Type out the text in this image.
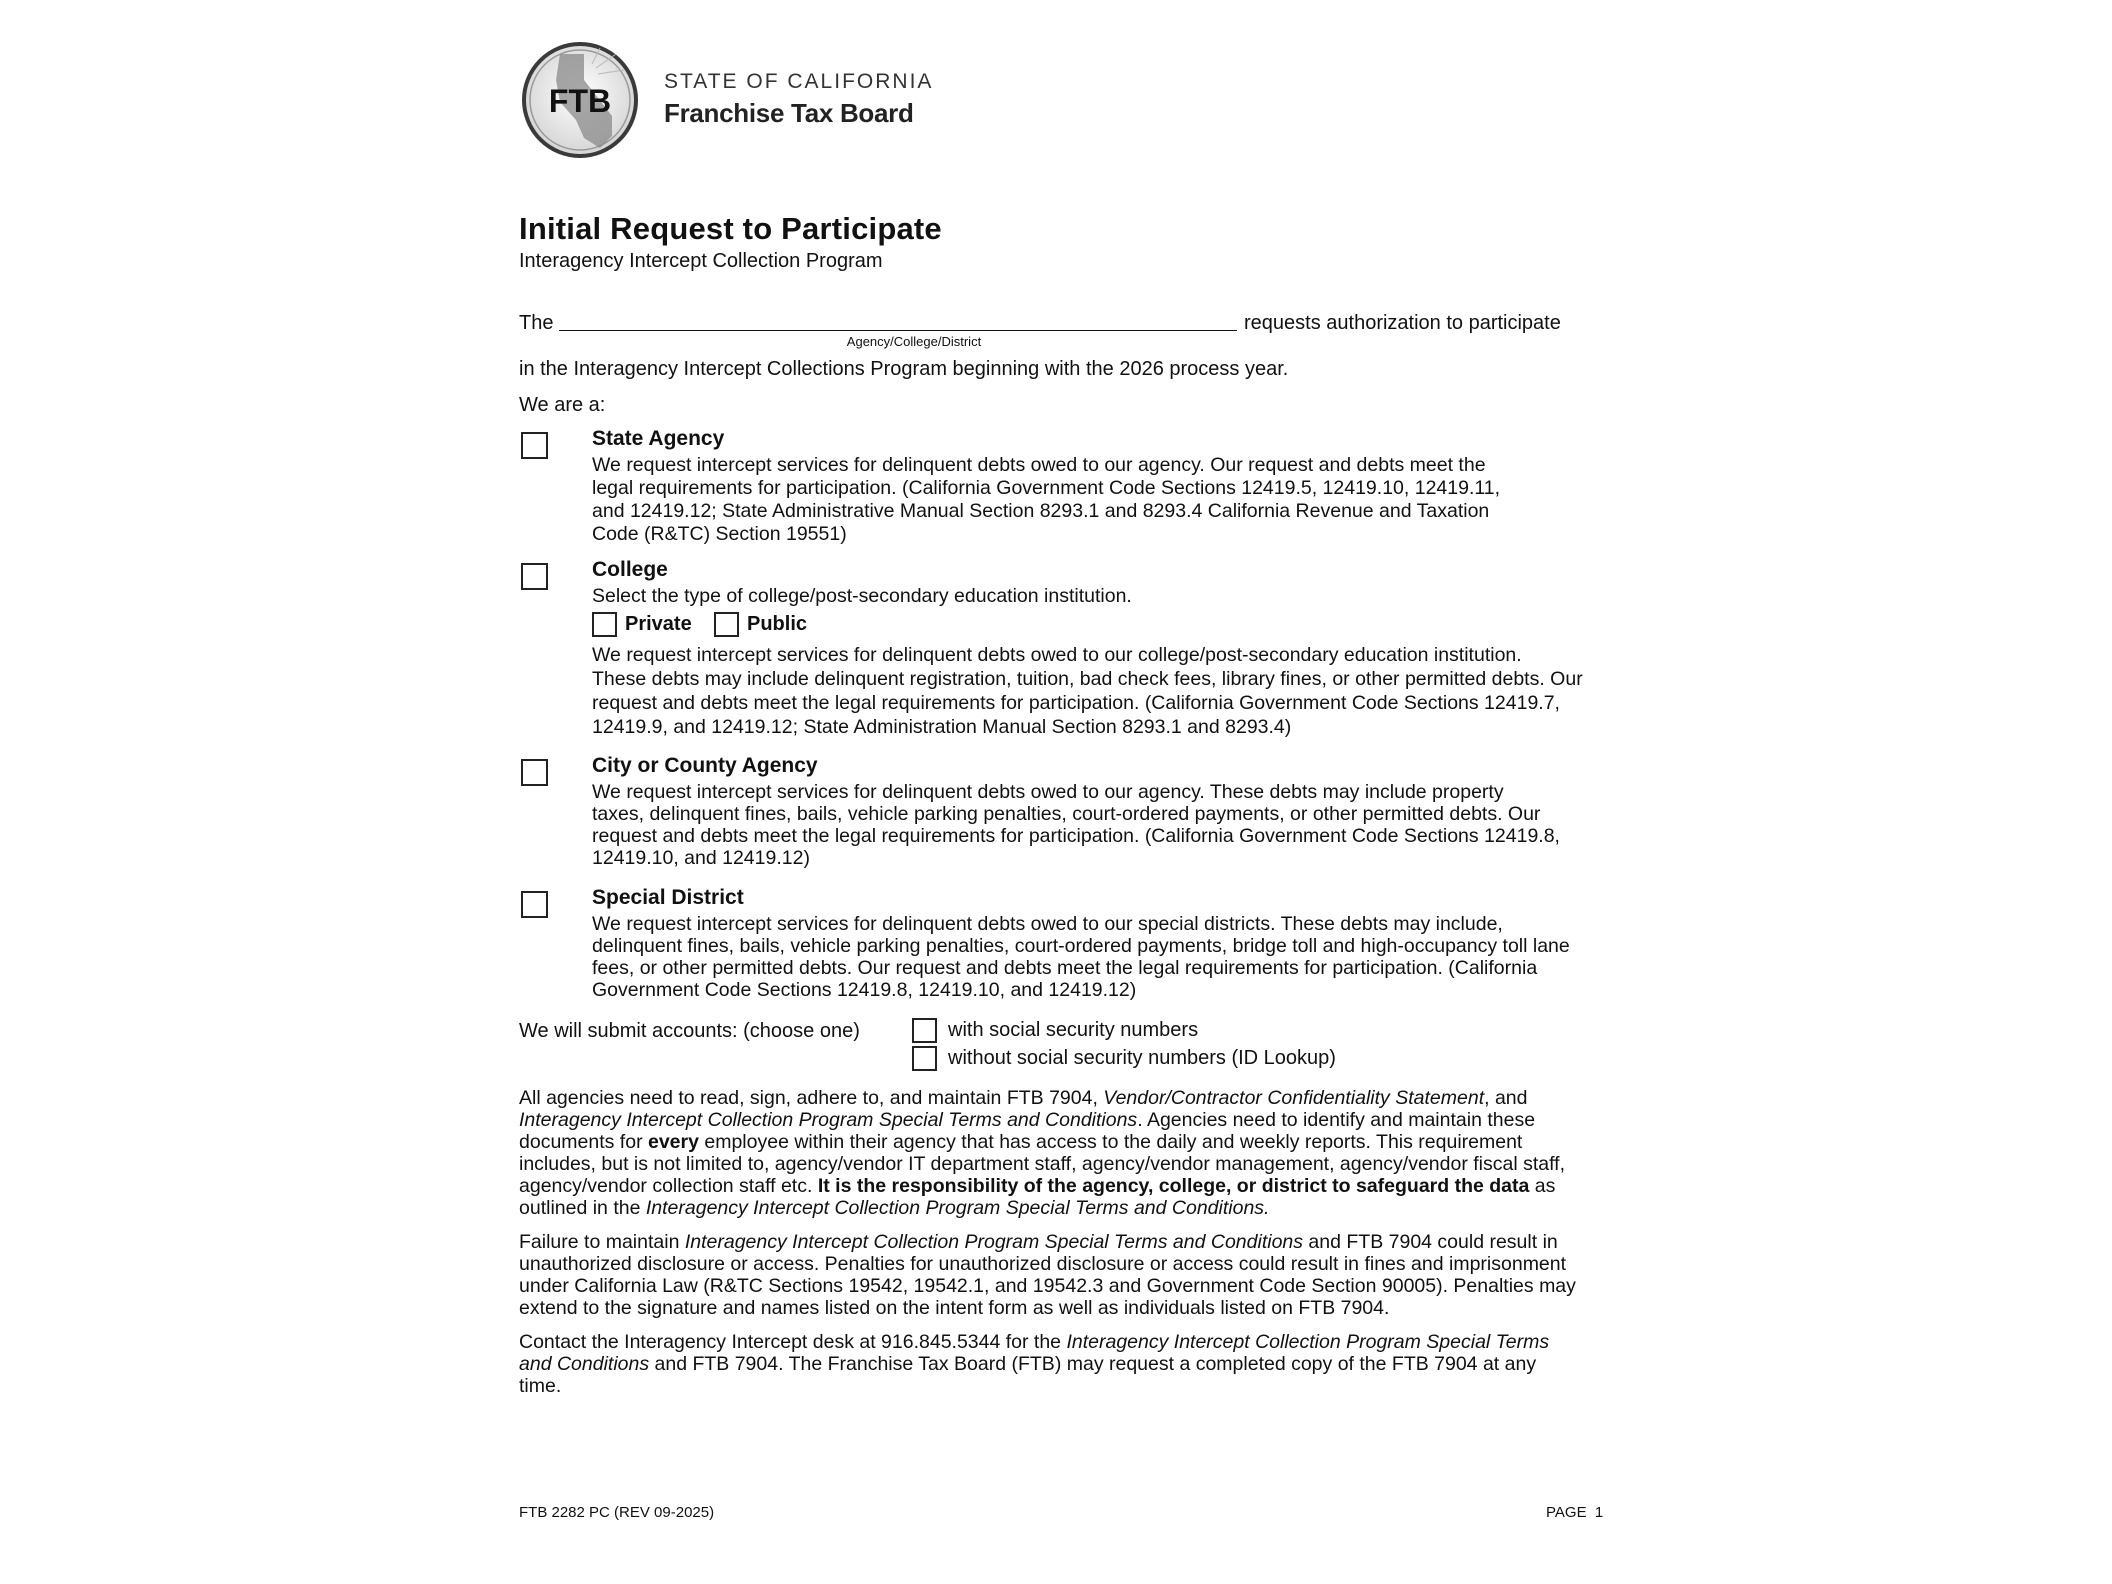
FTB
STATE OF CALIFORNIA
Franchise Tax Board
Initial Request to Participate
Interagency Intercept Collection Program
The
Agency/College/District
requests authorization to participate
in the Interagency Intercept Collections Program beginning with the 2026 process year.
We are a:
State Agency
We request intercept services for delinquent debts owed to our agency. Our request and debts meet the
legal requirements for participation. (California Government Code Sections 12419.5, 12419.10, 12419.11,
and 12419.12; State Administrative Manual Section 8293.1 and 8293.4 California Revenue and Taxation
Code (R&TC) Section 19551)
College
Select the type of college/post-secondary education institution.
Private	Public
We request intercept services for delinquent debts owed to our college/post-secondary education institution.
These debts may include delinquent registration, tuition, bad check fees, library fines, or other permitted debts. Our
request and debts meet the legal requirements for participation. (California Government Code Sections 12419.7,
12419.9, and 12419.12; State Administration Manual Section 8293.1 and 8293.4)
City or County Agency
We request intercept services for delinquent debts owed to our agency. These debts may include property
taxes, delinquent fines, bails, vehicle parking penalties, court-ordered payments, or other permitted debts. Our
request and debts meet the legal requirements for participation. (California Government Code Sections 12419.8,
12419.10, and 12419.12)
Special District
We request intercept services for delinquent debts owed to our special districts. These debts may include,
delinquent fines, bails, vehicle parking penalties, court-ordered payments, bridge toll and high-occupancy toll lane
fees, or other permitted debts. Our request and debts meet the legal requirements for participation. (California
Government Code Sections 12419.8, 12419.10, and 12419.12)
We will submit accounts: (choose one)	with social security numbers
without social security numbers (ID Lookup)
All agencies need to read, sign, adhere to, and maintain FTB 7904, Vendor/Contractor Confidentiality Statement, and
Interagency Intercept Collection Program Special Terms and Conditions. Agencies need to identify and maintain these
documents for every employee within their agency that has access to the daily and weekly reports. This requirement
includes, but is not limited to, agency/vendor IT department staff, agency/vendor management, agency/vendor fiscal staff,
agency/vendor collection staff etc. It is the responsibility of the agency, college, or district to safeguard the data as
outlined in the Interagency Intercept Collection Program Special Terms and Conditions.
Failure to maintain Interagency Intercept Collection Program Special Terms and Conditions and FTB 7904 could result in
unauthorized disclosure or access. Penalties for unauthorized disclosure or access could result in fines and imprisonment
under California Law (R&TC Sections 19542, 19542.1, and 19542.3 and Government Code Section 90005). Penalties may
extend to the signature and names listed on the intent form as well as individuals listed on FTB 7904.
Contact the Interagency Intercept desk at 916.845.5344 for the Interagency Intercept Collection Program Special Terms
and Conditions and FTB 7904. The Franchise Tax Board (FTB) may request a completed copy of the FTB 7904 at any
time.
FTB 2282 PC (REV 09-2025)	PAGE  1
